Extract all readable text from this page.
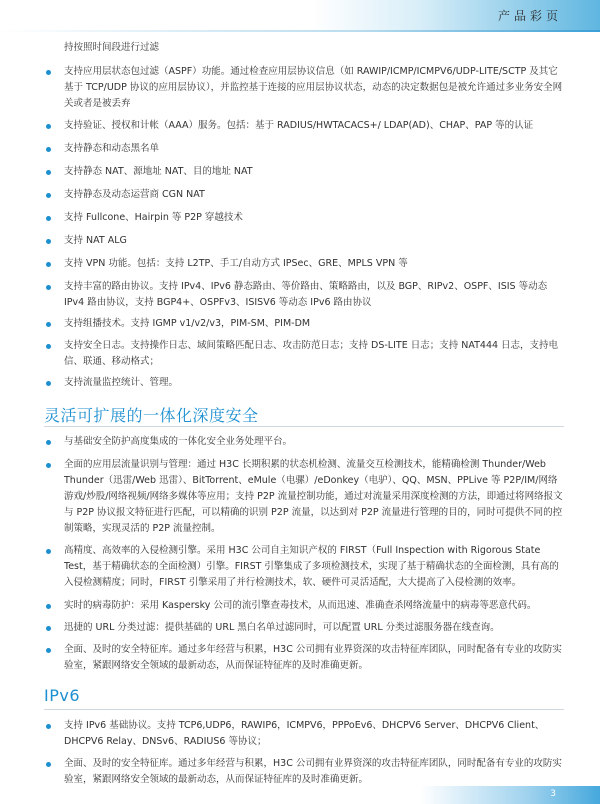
产品彩页
持按照时间段进行过滤
支持应用层状态包过滤（ASPF）功能。通过检查应用层协议信息（如 RAWIP/ICMP/ICMPV6/UDP-LITE/SCTP 及其它基于 TCP/UDP 协议的应用层协议），并监控基于连接的应用层协议状态，动态的决定数据包是被允许通过多业务安全网关或者是被丢弃
支持验证、授权和计帐（AAA）服务。包括：基于 RADIUS/HWTACACS+/ LDAP(AD)、CHAP、PAP 等的认证
支持静态和动态黑名单
支持静态 NAT、源地址 NAT、目的地址 NAT
支持静态及动态运营商 CGN NAT
支持 Fullcone、Hairpin 等 P2P 穿越技术
支持 NAT ALG
支持 VPN 功能。包括：支持 L2TP、手工/自动方式 IPSec、GRE、MPLS VPN 等
支持丰富的路由协议。支持 IPv4、IPv6 静态路由、等价路由、策略路由，以及 BGP、RIPv2、OSPF、ISIS 等动态 IPv4 路由协议，支持 BGP4+、OSPFv3、ISISV6 等动态 IPv6 路由协议
支持组播技术。支持 IGMP v1/v2/v3，PIM-SM、PIM-DM
支持安全日志。支持操作日志、域间策略匹配日志、攻击防范日志；支持 DS-LITE 日志；支持 NAT444 日志，支持电信、联通、移动格式；
支持流量监控统计、管理。
灵活可扩展的一体化深度安全
与基础安全防护高度集成的一体化安全业务处理平台。
全面的应用层流量识别与管理：通过 H3C 长期积累的状态机检测、流量交互检测技术，能精确检测 Thunder/Web Thunder（迅雷/Web 迅雷）、BitTorrent、eMule（电骡）/eDonkey（电驴）、QQ、MSN、PPLive 等 P2P/IM/网络游戏/炒股/网络视频/网络多媒体等应用；支持 P2P 流量控制功能，通过对流量采用深度检测的方法，即通过将网络报文与 P2P 协议报文特征进行匹配，可以精确的识别 P2P 流量，以达到对 P2P 流量进行管理的目的，同时可提供不同的控制策略，实现灵活的 P2P 流量控制。
高精度、高效率的入侵检测引擎。采用 H3C 公司自主知识产权的 FIRST（Full Inspection with Rigorous State Test，基于精确状态的全面检测）引擎。FIRST 引擎集成了多项检测技术，实现了基于精确状态的全面检测，具有高的入侵检测精度；同时，FIRST 引擎采用了并行检测技术，软、硬件可灵活适配，大大提高了入侵检测的效率。
实时的病毒防护：采用 Kaspersky 公司的流引擎查毒技术，从而迅速、准确查杀网络流量中的病毒等恶意代码。
迅捷的 URL 分类过滤：提供基础的 URL 黑白名单过滤同时，可以配置 URL 分类过滤服务器在线查询。
全面、及时的安全特征库。通过多年经营与积累，H3C 公司拥有业界资深的攻击特征库团队，同时配备有专业的攻防实验室，紧跟网络安全领域的最新动态，从而保证特征库的及时准确更新。
IPv6
支持 IPv6 基础协议。支持 TCP6,UDP6，RAWIP6，ICMPV6，PPPoEv6、DHCPV6 Server、DHCPV6 Client、DHCPV6 Relay、DNSv6、RADIUS6 等协议；
全面、及时的安全特征库。通过多年经营与积累，H3C 公司拥有业界资深的攻击特征库团队，同时配备有专业的攻防实验室，紧跟网络安全领域的最新动态，从而保证特征库的及时准确更新。
3
